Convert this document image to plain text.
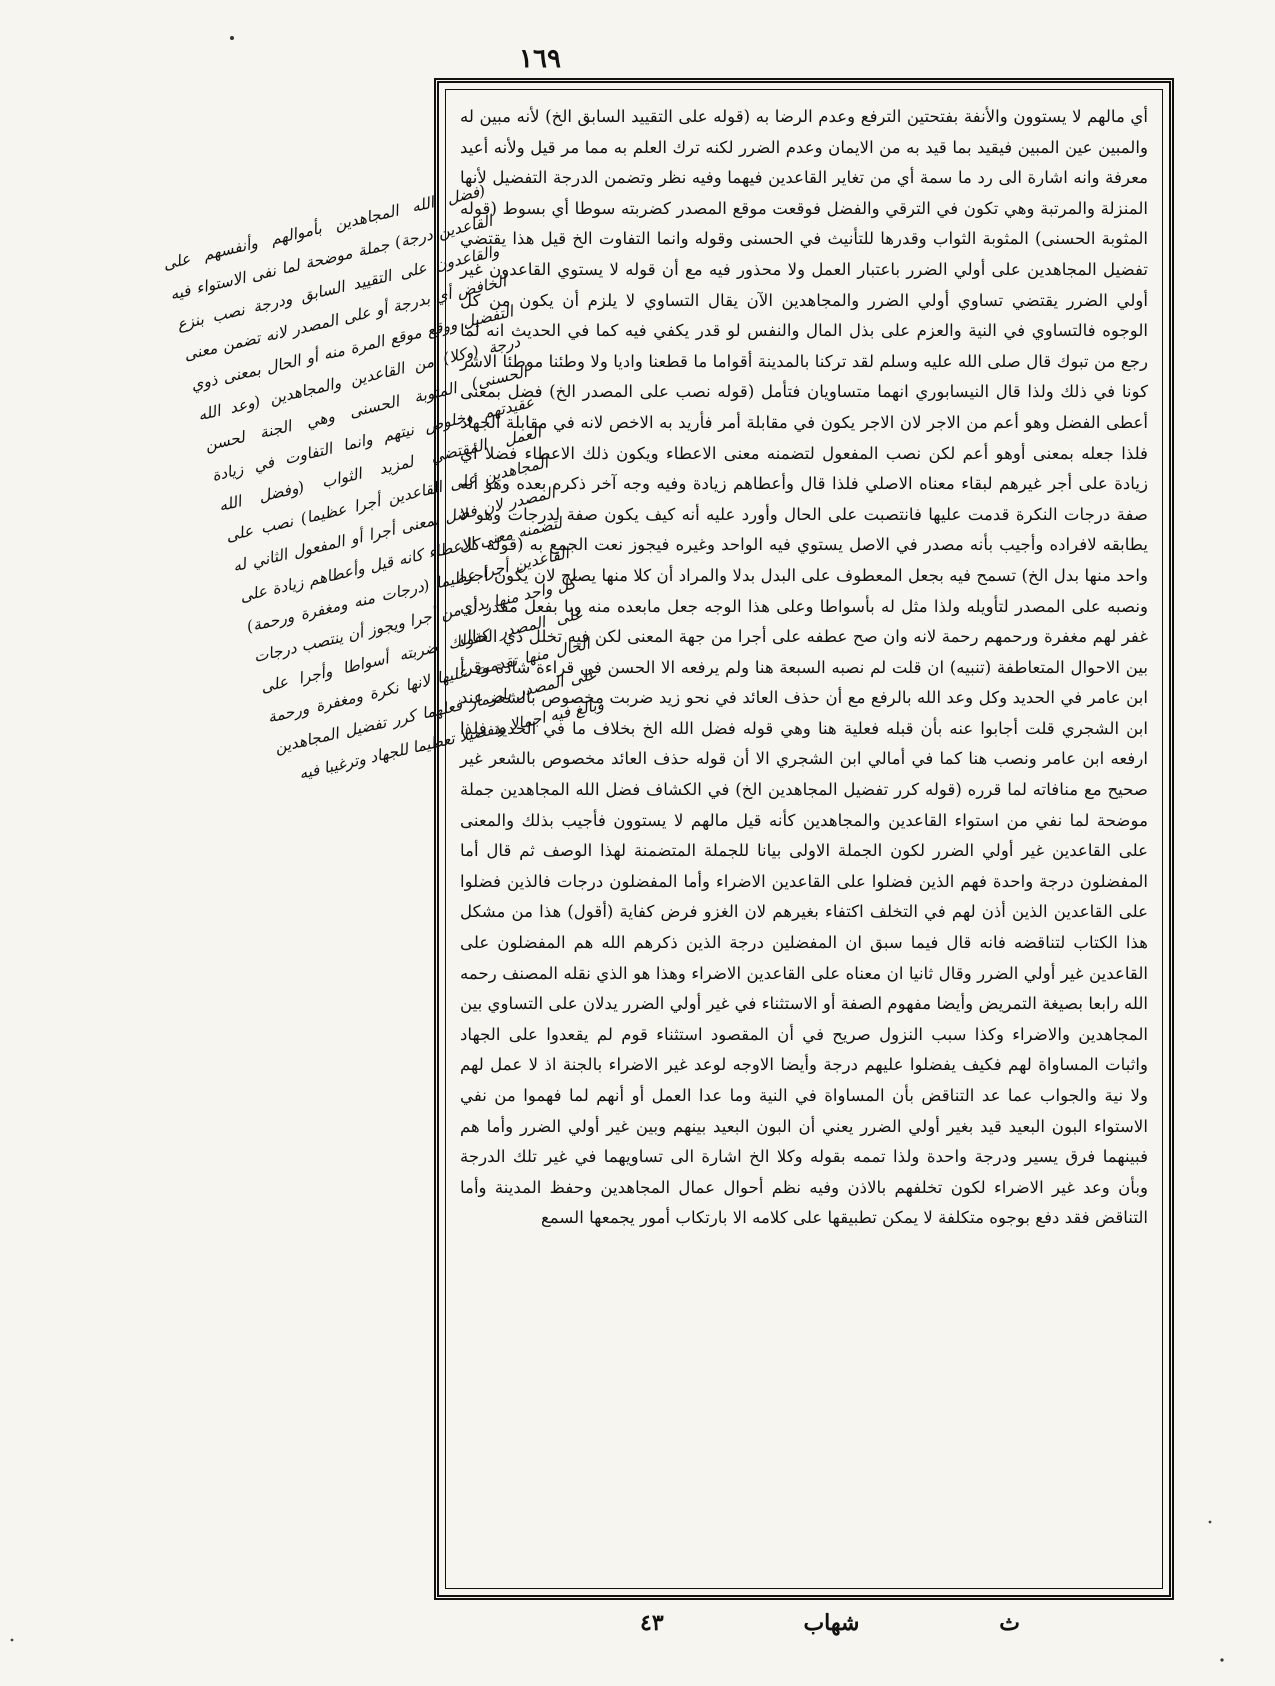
١٦٩

(فضل الله المجاهدين بأموالهم وأنفسهم على القاعدين درجة) جملة موضحة لما نفى الاستواء فيه والقاعدون على التقييد السابق ودرجة نصب بنزع الخافض أي بدرجة أو على المصدر لانه تضمن معنى التفضيل ووقع موقع المرة منه أو الحال بمعنى ذوي درجة (وكلا) من القاعدين والمجاهدين (وعد الله الحسنى) المثوبة الحسنى وهي الجنة لحسن عقيدتهم وخلوص نيتهم وانما التفاوت في زيادة العمل المقتضي لمزيد الثواب (وفضل الله المجاهدين على القاعدين أجرا عظيما) نصب على المصدر لان فضل بمعنى أجرا أو المفعول الثاني له لتضمنه معنى الاعطاء كانه قيل وأعطاهم زيادة على القاعدين أجرا عظيما (درجات منه ومغفرة ورحمة) كل واحد منها بدل من أجرا ويجوز أن ينتصب درجات على المصدر كقولك ضربته أسواطا وأجرا على الحال منها تقدمت عليها لانها نكرة ومغفرة ورحمة على المصدر باضمار فعلهما كرر تفضيل المجاهدين وبالغ فيه اجمالا وتفصيلا تعظيما للجهاد وترغيبا فيه

أي مالهم لا يستوون والأنفة بفتحتين الترفع وعدم الرضا به (قوله على التقييد السابق الخ) لأنه مبين له والمبين عين المبين فيقيد بما قيد به من الايمان وعدم الضرر لكنه ترك العلم به مما مر قيل ولأنه أعيد معرفة وانه اشارة الى رد ما سمة أي من تغاير القاعدين فيهما وفيه نظر وتضمن الدرجة التفضيل لأنها المنزلة والمرتبة وهي تكون في الترقي والفضل فوقعت موقع المصدر كضربته سوطا أي بسوط (قوله المثوبة الحسنى) المثوبة الثواب وقدرها للتأنيث في الحسنى وقوله وانما التفاوت الخ قيل هذا يقتضي تفضيل المجاهدين على أولي الضرر باعتبار العمل ولا محذور فيه مع أن قوله لا يستوي القاعدون غير أولي الضرر يقتضي تساوي أولي الضرر والمجاهدين الآن يقال التساوي لا يلزم أن يكون من كل الوجوه فالتساوي في النية والعزم على بذل المال والنفس لو قدر يكفي فيه كما في الحديث انه لما رجع من تبوك قال صلى الله عليه وسلم لقد تركنا بالمدينة أقواما ما قطعنا واديا ولا وطئنا موطئا الاشر كونا في ذلك ولذا قال النيسابوري انهما متساويان فتأمل (قوله نصب على المصدر الخ) فضل بمعنى أعطى الفضل وهو أعم من الاجر لان الاجر يكون في مقابلة أمر فأريد به الاخص لانه في مقابلة الجهاد فلذا جعله بمعنى أوهو أعم لكن نصب المفعول لتضمنه معنى الاعطاء ويكون ذلك الاعطاء فضلا أي زيادة على أجر غيرهم لبقاء معناه الاصلي فلذا قال وأعطاهم زيادة وفيه وجه آخر ذكره بعده وهو أنه صفة درجات النكرة قدمت عليها فانتصبت على الحال وأورد عليه أنه كيف يكون صفة لدرجات وهو لا يطابقه لافراده وأجيب بأنه مصدر في الاصل يستوي فيه الواحد وغيره فيجوز نعت الجمع به (قوله كل واحد منها بدل الخ) تسمح فيه بجعل المعطوف على البدل بدلا والمراد أن كلا منها يصلح لان يكون أجرا ونصبه على المصدر لتأويله ولذا مثل له بأسواطا وعلى هذا الوجه جعل مابعده منه وبا بفعل مقدر أي غفر لهم مغفرة ورحمهم رحمة لانه وان صح عطفه على أجرا من جهة المعنى لكن فيه تخلل ذي الحال بين الاحوال المتعاطفة (تنبيه) ان قلت لم نصبه السبعة هنا ولم يرفعه الا الحسن في قراءة شاذة وقرأ ابن عامر في الحديد وكل وعد الله بالرفع مع أن حذف العائد في نحو زيد ضربت مخصوص بالشعر عند ابن الشجري قلت أجابوا عنه بأن قبله فعلية هنا وهي قوله فضل الله الخ بخلاف ما في الحديد فلذا ارفعه ابن عامر ونصب هنا كما في أمالي ابن الشجري الا أن قوله حذف العائد مخصوص بالشعر غير صحيح مع منافاته لما قرره (قوله كرر تفضيل المجاهدين الخ) في الكشاف فضل الله المجاهدين جملة موضحة لما نفي من استواء القاعدين والمجاهدين كأنه قيل مالهم لا يستوون فأجيب بذلك والمعنى على القاعدين غير أولي الضرر لكون الجملة الاولى بيانا للجملة المتضمنة لهذا الوصف ثم قال أما المفضلون درجة واحدة فهم الذين فضلوا على القاعدين الاضراء وأما المفضلون درجات فالذين فضلوا على القاعدين الذين أذن لهم في التخلف اكتفاء بغيرهم لان الغزو فرض كفاية (أقول) هذا من مشكل هذا الكتاب لتناقضه فانه قال فيما سبق ان المفضلين درجة الذين ذكرهم الله هم المفضلون على القاعدين غير أولي الضرر وقال ثانيا ان معناه على القاعدين الاضراء وهذا هو الذي نقله المصنف رحمه الله رابعا بصيغة التمريض وأيضا مفهوم الصفة أو الاستثناء في غير أولي الضرر يدلان على التساوي بين المجاهدين والاضراء وكذا سبب النزول صريح في أن المقصود استثناء قوم لم يقعدوا على الجهاد واثبات المساواة لهم فكيف يفضلوا عليهم درجة وأيضا الاوجه لوعد غير الاضراء بالجنة اذ لا عمل لهم ولا نية والجواب عما عد التناقض بأن المساواة في النية وما عدا العمل أو أنهم لما فهموا من نفي الاستواء البون البعيد قيد بغير أولي الضرر يعني أن البون البعيد بينهم وبين غير أولي الضرر وأما هم فبينهما فرق يسير ودرجة واحدة ولذا تممه بقوله وكلا الخ اشارة الى تساويهما في غير تلك الدرجة وبأن وعد غير الاضراء لكون تخلفهم بالاذن وفيه نظم أحوال عمال المجاهدين وحفظ المدينة وأما التناقض فقد دفع بوجوه متكلفة لا يمكن تطبيقها على كلامه الا بارتكاب أمور يجمعها السمع

ث
شهاب
٤٣
